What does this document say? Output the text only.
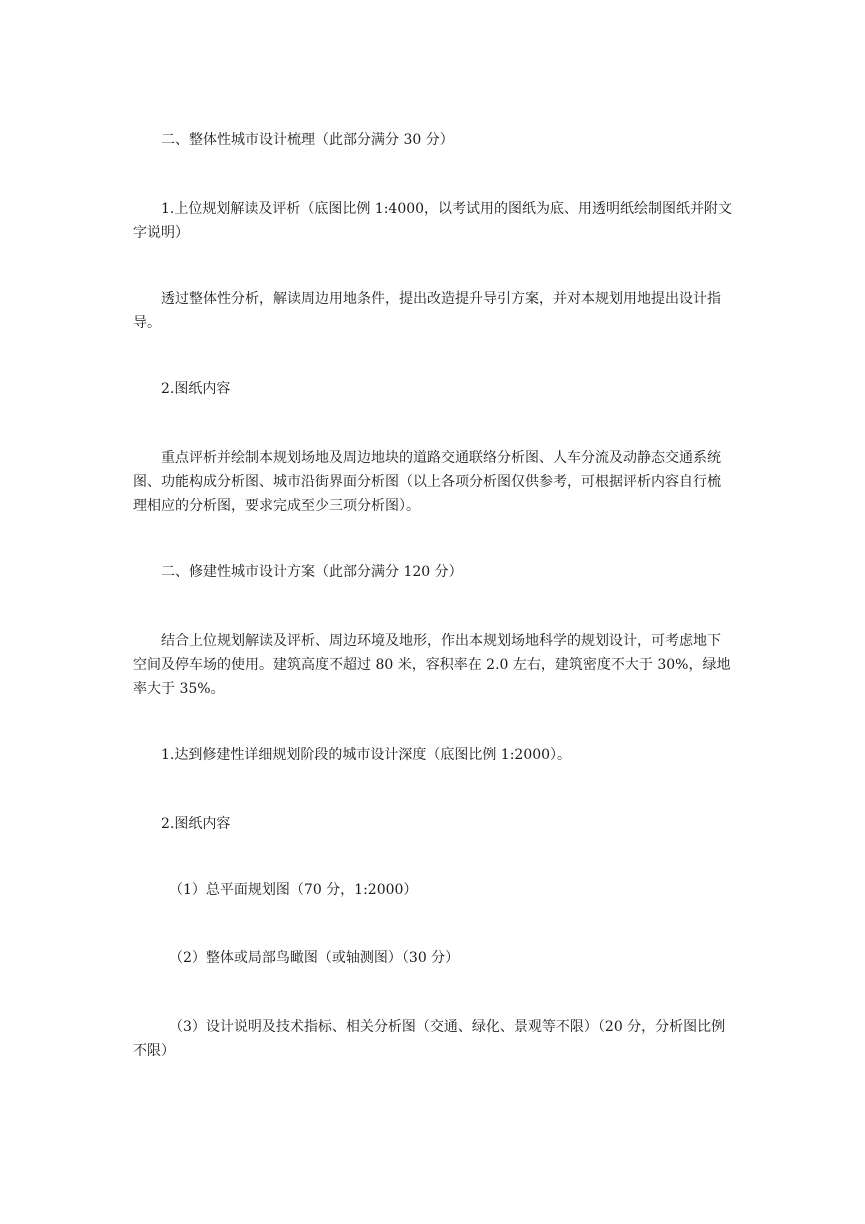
二、整体性城市设计梳理（此部分满分 30 分）

1.上位规划解读及评析（底图比例 1:4000，以考试用的图纸为底、用透明纸绘制图纸并附文字说明）

透过整体性分析，解读周边用地条件，提出改造提升导引方案，并对本规划用地提出设计指导。

2.图纸内容

重点评析并绘制本规划场地及周边地块的道路交通联络分析图、人车分流及动静态交通系统图、功能构成分析图、城市沿街界面分析图（以上各项分析图仅供参考，可根据评析内容自行梳理相应的分析图，要求完成至少三项分析图）。

二、修建性城市设计方案（此部分满分 120 分）

结合上位规划解读及评析、周边环境及地形，作出本规划场地科学的规划设计，可考虑地下空间及停车场的使用。建筑高度不超过 80 米，容积率在 2.0 左右，建筑密度不大于 30%，绿地率大于 35%。

1.达到修建性详细规划阶段的城市设计深度（底图比例 1:2000）。

2.图纸内容

（1）总平面规划图（70 分，1:2000）

（2）整体或局部鸟瞰图（或轴测图）（30 分）

（3）设计说明及技术指标、相关分析图（交通、绿化、景观等不限）（20 分，分析图比例不限）
